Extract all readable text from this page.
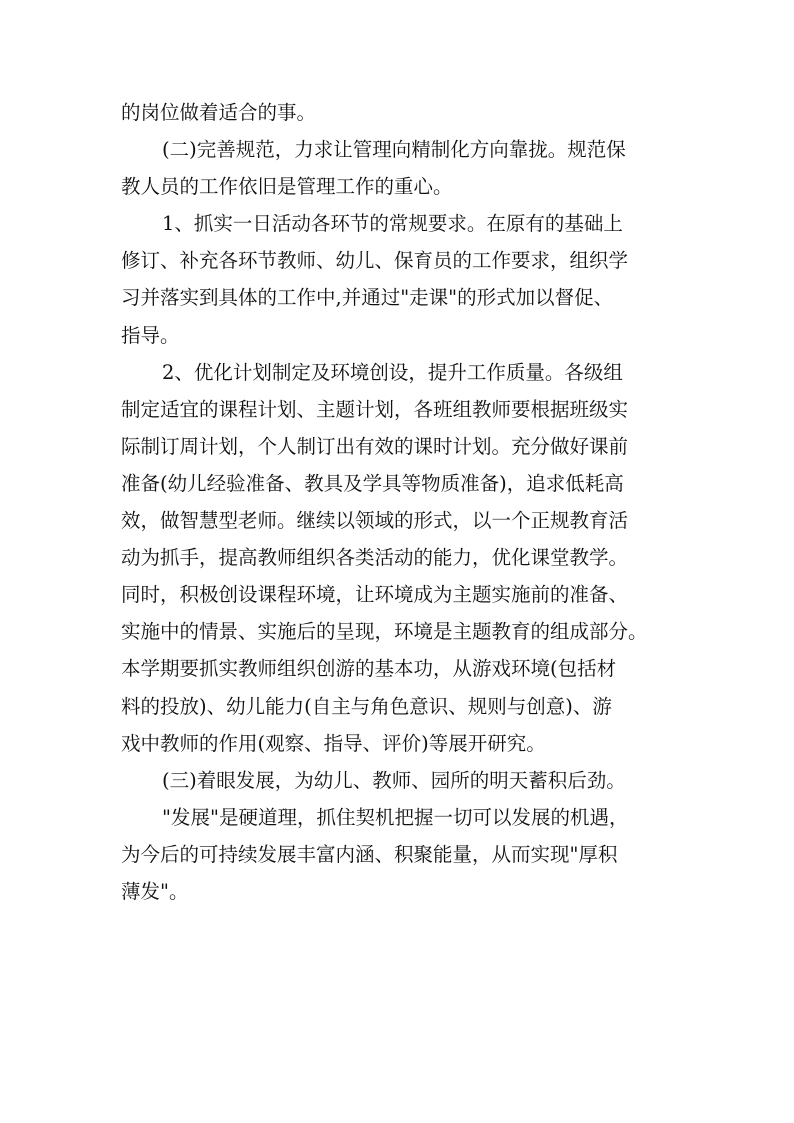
的岗位做着适合的事。
(二)完善规范，力求让管理向精制化方向靠拢。规范保
教人员的工作依旧是管理工作的重心。
1、抓实一日活动各环节的常规要求。在原有的基础上
修订、补充各环节教师、幼儿、保育员的工作要求，组织学
习并落实到具体的工作中,并通过"走课"的形式加以督促、
指导。
2、优化计划制定及环境创设，提升工作质量。各级组
制定适宜的课程计划、主题计划，各班组教师要根据班级实
际制订周计划，个人制订出有效的课时计划。充分做好课前
准备(幼儿经验准备、教具及学具等物质准备)，追求低耗高
效，做智慧型老师。继续以领域的形式，以一个正规教育活
动为抓手，提高教师组织各类活动的能力，优化课堂教学。
同时，积极创设课程环境，让环境成为主题实施前的准备、
实施中的情景、实施后的呈现，环境是主题教育的组成部分。
本学期要抓实教师组织创游的基本功，从游戏环境(包括材
料的投放)、幼儿能力(自主与角色意识、规则与创意)、游
戏中教师的作用(观察、指导、评价)等展开研究。
(三)着眼发展，为幼儿、教师、园所的明天蓄积后劲。
"发展"是硬道理，抓住契机把握一切可以发展的机遇，
为今后的可持续发展丰富内涵、积聚能量，从而实现"厚积
薄发"。
